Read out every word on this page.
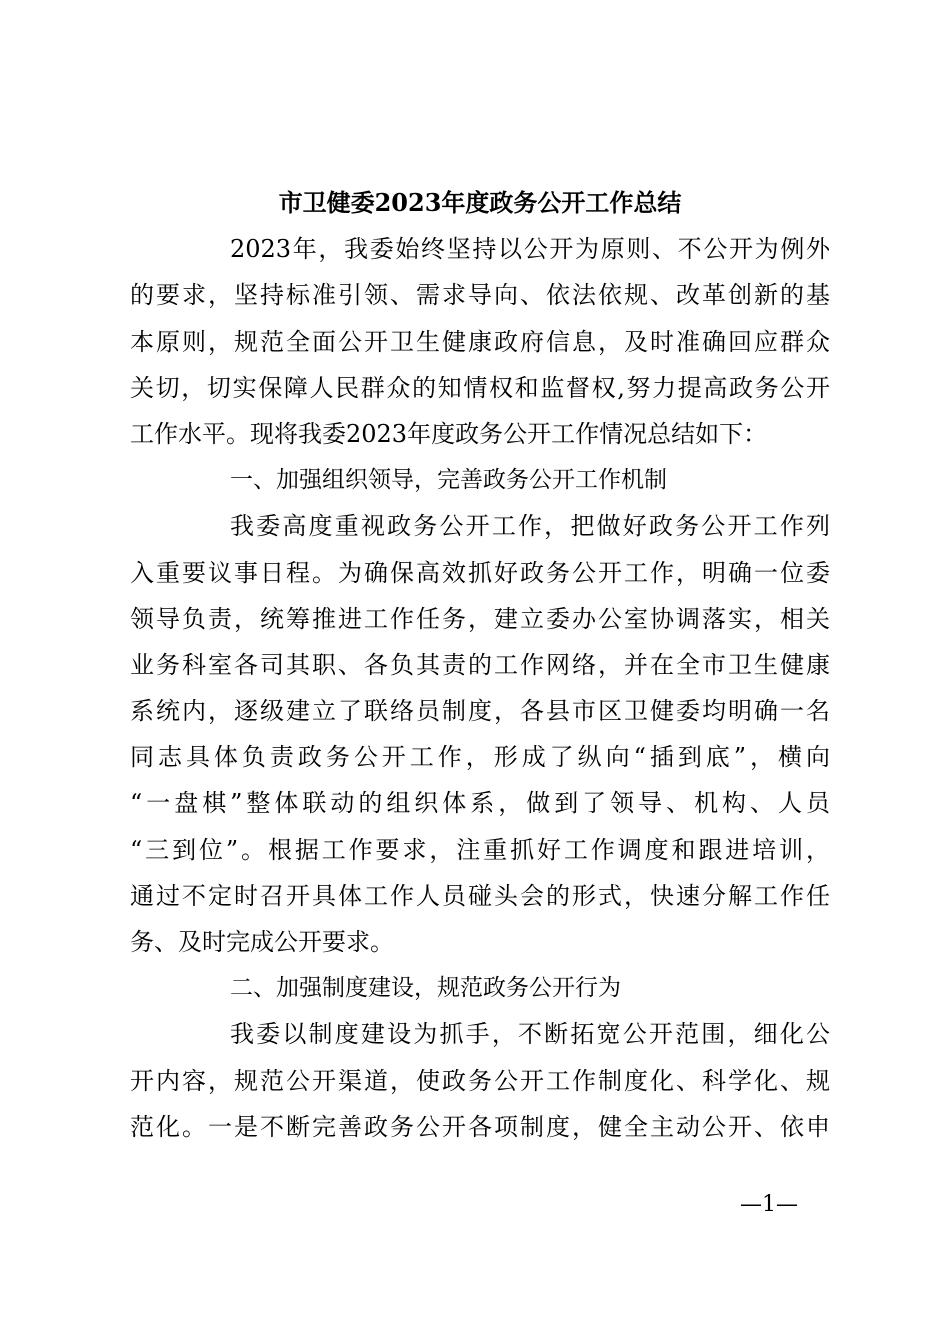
市卫健委2023年度政务公开工作总结
2023年，我委始终坚持以公开为原则、不公开为例外
的要求，坚持标准引领、需求导向、依法依规、改革创新的基
本原则，规范全面公开卫生健康政府信息，及时准确回应群众
关切，切实保障人民群众的知情权和监督权,努力提高政务公开
工作水平。现将我委2023年度政务公开工作情况总结如下：
一、加强组织领导，完善政务公开工作机制
我委高度重视政务公开工作，把做好政务公开工作列
入重要议事日程。为确保高效抓好政务公开工作，明确一位委
领导负责，统筹推进工作任务，建立委办公室协调落实，相关
业务科室各司其职、各负其责的工作网络，并在全市卫生健康
系统内，逐级建立了联络员制度，各县市区卫健委均明确一名
同志具体负责政务公开工作，形成了纵向“插到底”，横向
“一盘棋”整体联动的组织体系，做到了领导、机构、人员
“三到位”。根据工作要求，注重抓好工作调度和跟进培训，
通过不定时召开具体工作人员碰头会的形式，快速分解工作任
务、及时完成公开要求。
二、加强制度建设，规范政务公开行为
我委以制度建设为抓手，不断拓宽公开范围，细化公
开内容，规范公开渠道，使政务公开工作制度化、科学化、规
范化。一是不断完善政务公开各项制度，健全主动公开、依申
—1—
